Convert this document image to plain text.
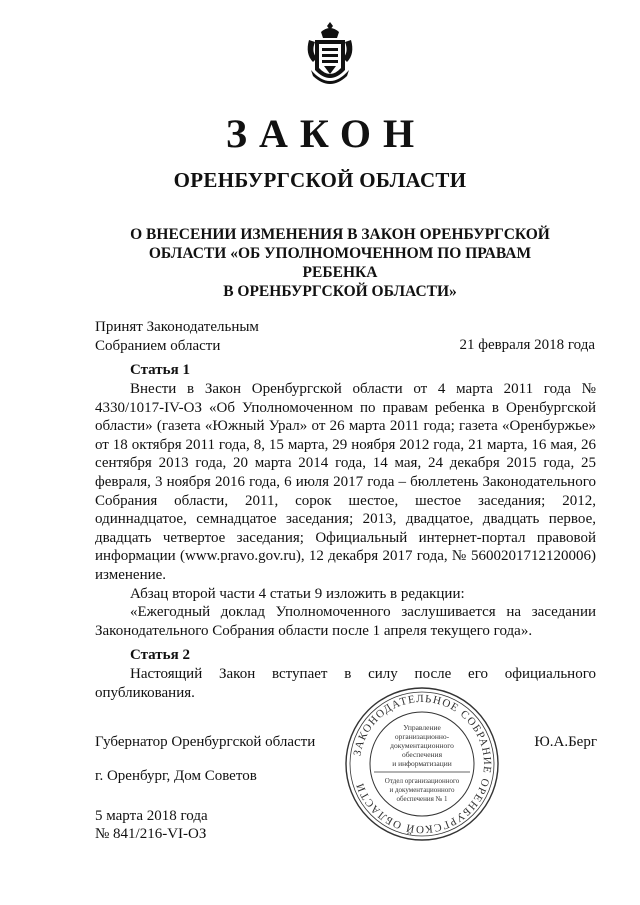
ЗАКОН
ОРЕНБУРГСКОЙ ОБЛАСТИ
О ВНЕСЕНИИ ИЗМЕНЕНИЯ В ЗАКОН ОРЕНБУРГСКОЙ
ОБЛАСТИ «ОБ УПОЛНОМОЧЕННОМ ПО ПРАВАМ РЕБЕНКА
В ОРЕНБУРГСКОЙ ОБЛАСТИ»
Принят Законодательным
Собранием области	21 февраля 2018 года
Статья 1

Внести в Закон Оренбургской области от 4 марта 2011 года № 4330/1017-IV-ОЗ «Об Уполномоченном по правам ребенка в Оренбургской области» (газета «Южный Урал» от 26 марта 2011 года; газета «Оренбуржье» от 18 октября 2011 года, 8, 15 марта, 29 ноября 2012 года, 21 марта, 16 мая, 26 сентября 2013 года, 20 марта 2014 года, 14 мая, 24 декабря 2015 года, 25 февраля, 3 ноября 2016 года, 6 июля 2017 года – бюллетень Законодательного Собрания области, 2011, сорок шестое, шестое заседания; 2012, одиннадцатое, семнадцатое заседания; 2013, двадцатое, двадцать первое, двадцать четвертое заседания; Официальный интернет-портал правовой информации (www.pravo.gov.ru), 12 декабря 2017 года, № 5600201712120006) изменение.

Абзац второй части 4 статьи 9 изложить в редакции:

«Ежегодный доклад Уполномоченного заслушивается на заседании Законодательного Собрания области после 1 апреля текущего года».

Статья 2

Настоящий Закон вступает в силу после его официального опубликования.

Губернатор Оренбургской области	Ю.А.Берг
г. Оренбург, Дом Советов
5 марта 2018 года
№ 841/216-VI-ОЗ
ЗАКОНОДАТЕЛЬНОЕ СОБРАНИЕ ОРЕНБУРГСКОЙ ОБЛАСТИ
Управление
организационно-
документационного
обеспечения
и информатизации
Отдел организационного
и документационного
обеспечения № 1
